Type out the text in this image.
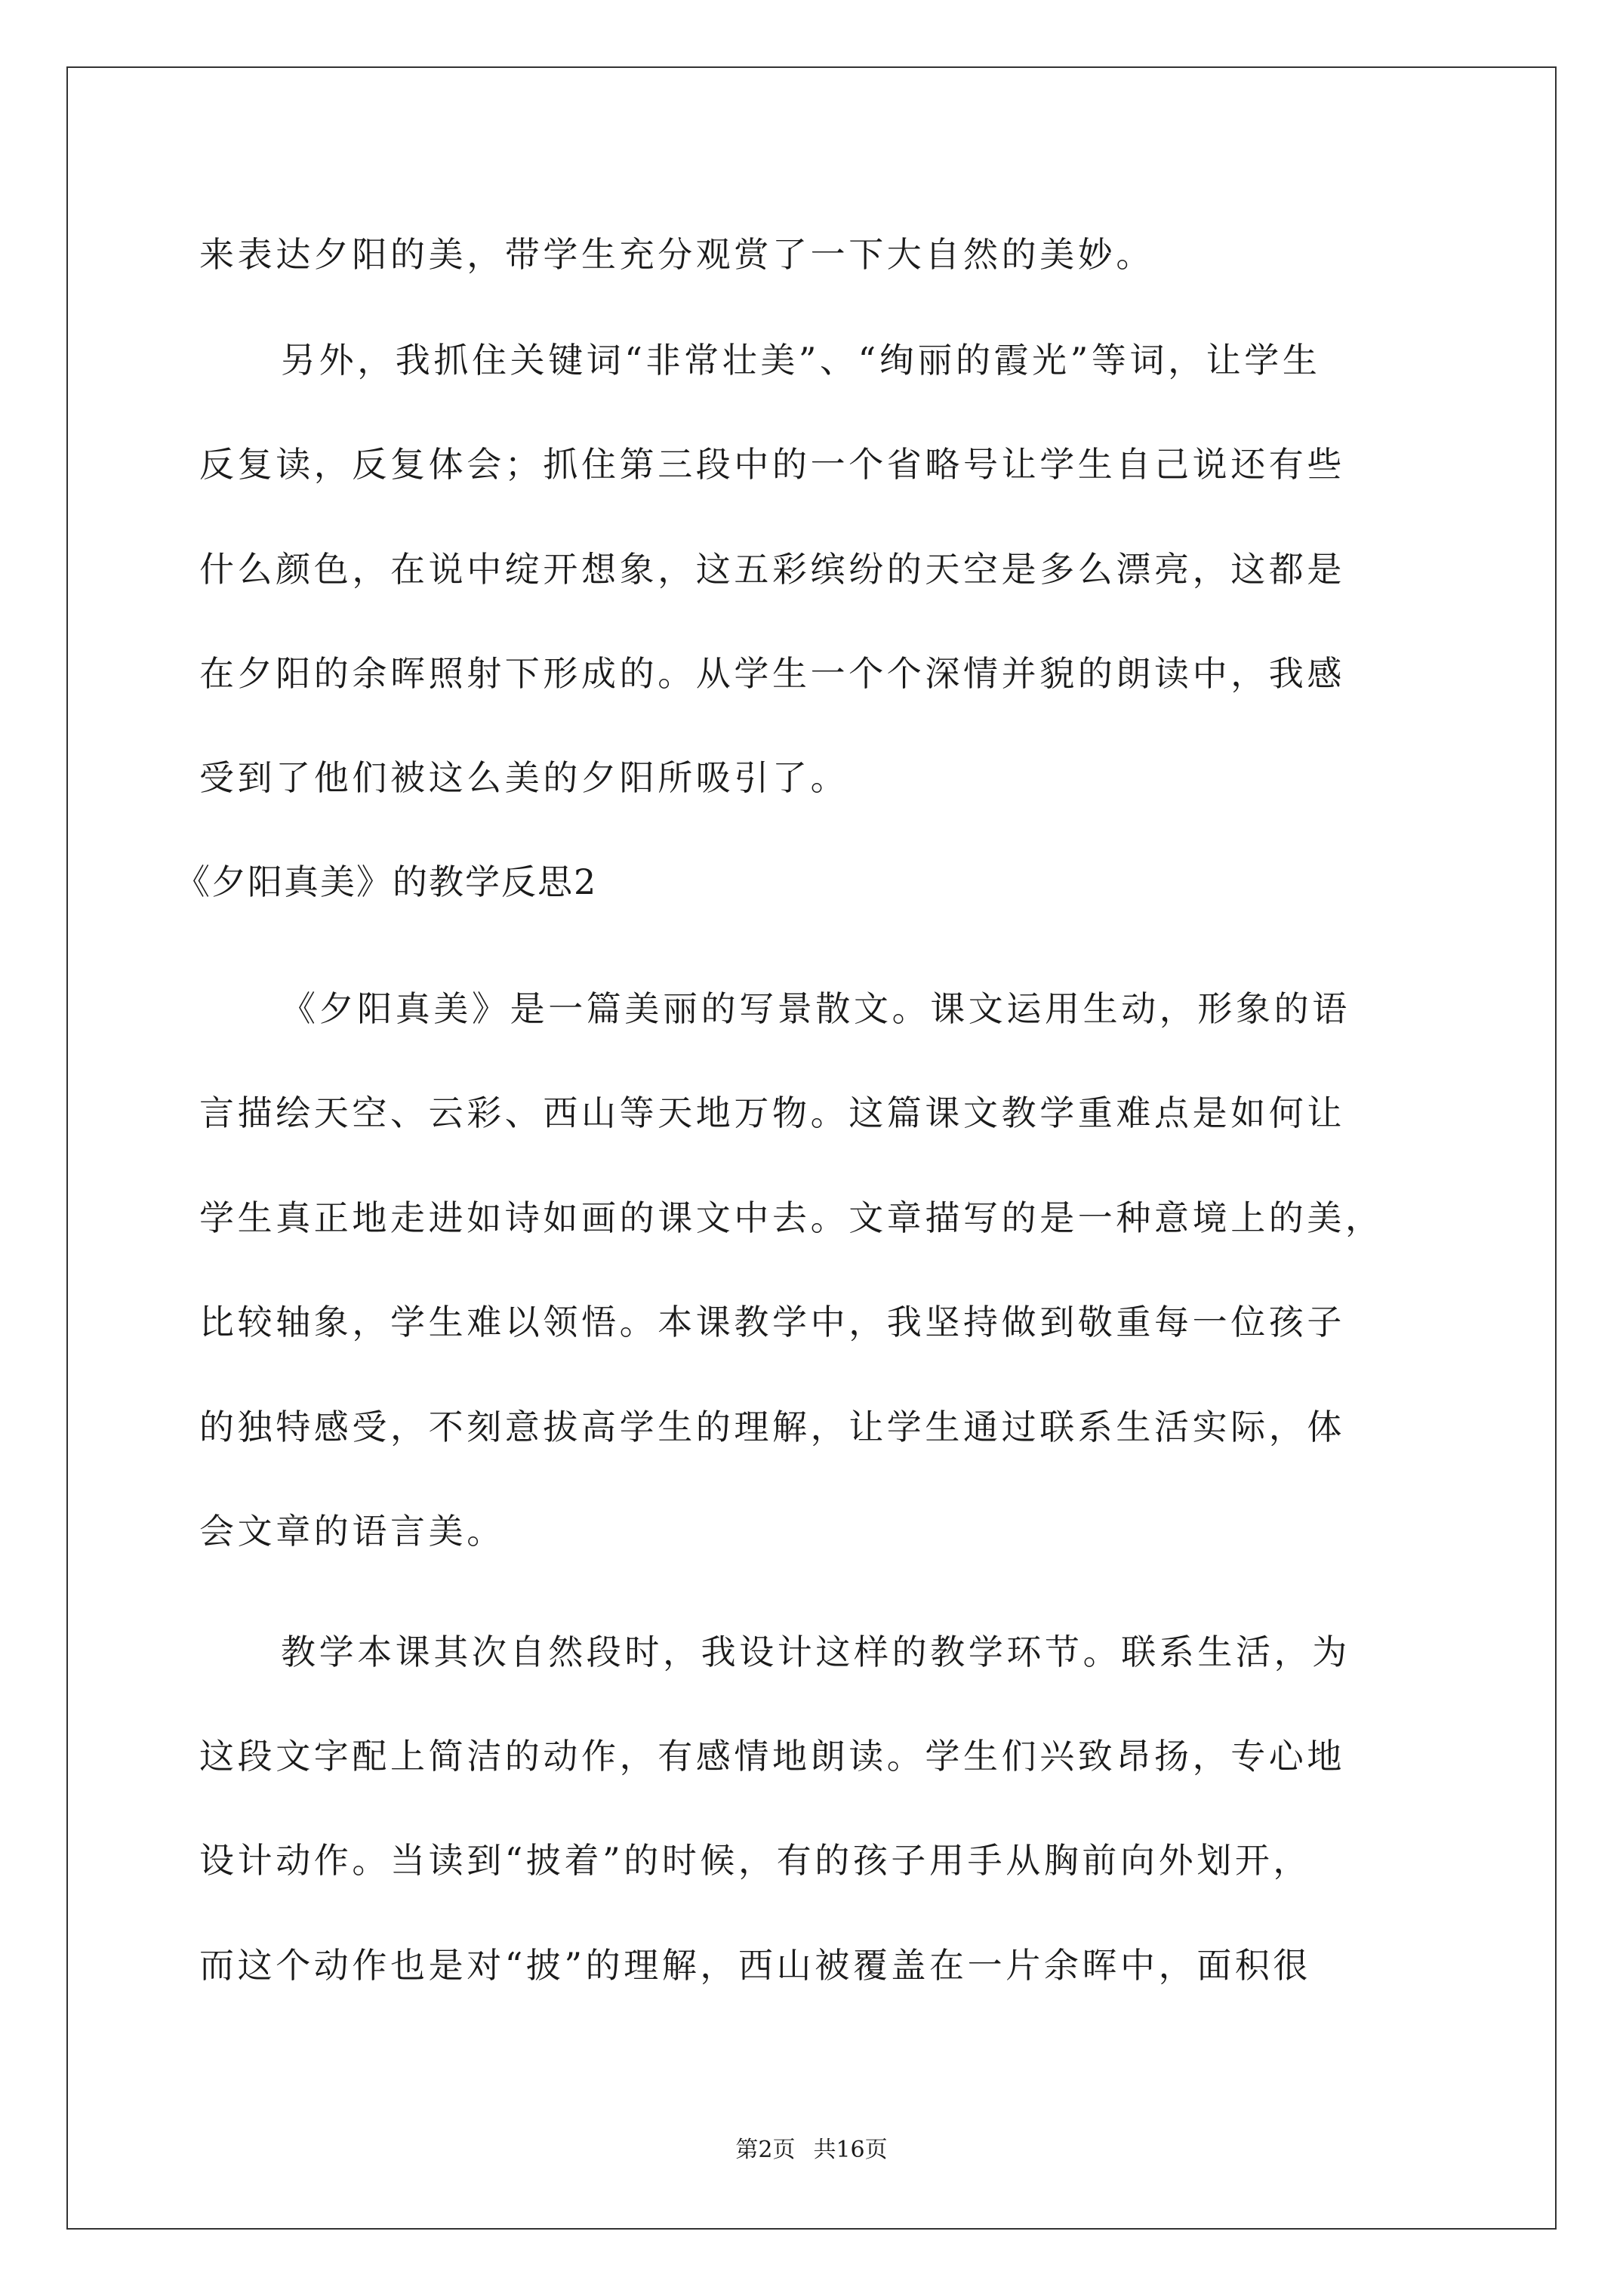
来表达夕阳的美，带学生充分观赏了一下大自然的美妙。
另外，我抓住关键词“非常壮美”、“绚丽的霞光”等词，让学生
反复读，反复体会；抓住第三段中的一个省略号让学生自己说还有些
什么颜色，在说中绽开想象，这五彩缤纷的天空是多么漂亮，这都是
在夕阳的余晖照射下形成的。从学生一个个深情并貌的朗读中，我感
受到了他们被这么美的夕阳所吸引了。
《夕阳真美》的教学反思2
《夕阳真美》是一篇美丽的写景散文。课文运用生动，形象的语
言描绘天空、云彩、西山等天地万物。这篇课文教学重难点是如何让
学生真正地走进如诗如画的课文中去。文章描写的是一种意境上的美，
比较轴象，学生难以领悟。本课教学中，我坚持做到敬重每一位孩子
的独特感受，不刻意拔高学生的理解，让学生通过联系生活实际，体
会文章的语言美。
教学本课其次自然段时，我设计这样的教学环节。联系生活，为
这段文字配上简洁的动作，有感情地朗读。学生们兴致昂扬，专心地
设计动作。当读到“披着”的时候，有的孩子用手从胸前向外划开，
而这个动作也是对“披”的理解，西山被覆盖在一片余晖中，面积很
第2页 共16页
